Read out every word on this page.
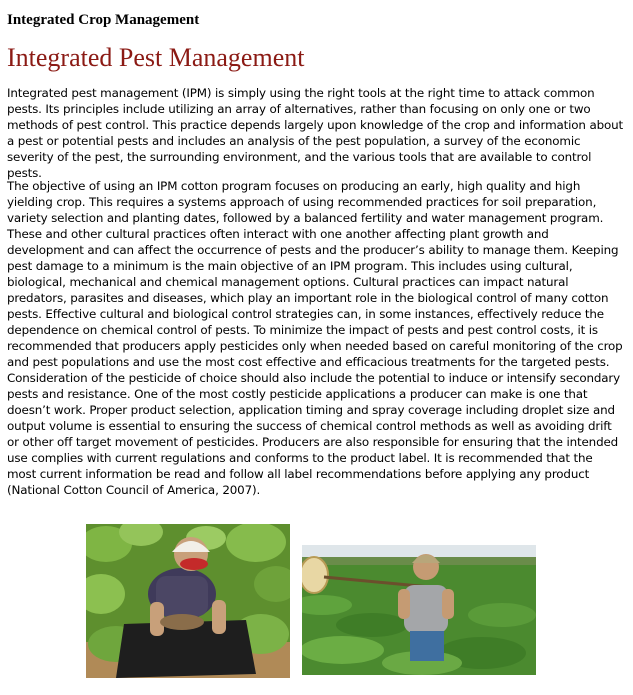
Integrated Crop Management
Integrated Pest Management

Integrated pest management (IPM) is simply using the right tools at the right time to attack common pests. Its principles include utilizing an array of alternatives, rather than focusing on only one or two methods of pest control. This practice depends largely upon knowledge of the crop and information about a pest or potential pests and includes an analysis of the pest population, a survey of the economic severity of the pest, the surrounding environment, and the various tools that are available to control pests.

The objective of using an IPM cotton program focuses on producing an early, high quality and high yielding crop. This requires a systems approach of using recommended practices for soil preparation, variety selection and planting dates, followed by a balanced fertility and water management program. These and other cultural practices often interact with one another affecting plant growth and development and can affect the occurrence of pests and the producer’s ability to manage them. Keeping pest damage to a minimum is the main objective of an IPM program. This includes using cultural, biological, mechanical and chemical management options. Cultural practices can impact natural predators, parasites and diseases, which play an important role in the biological control of many cotton pests. Effective cultural and biological control strategies can, in some instances, effectively reduce the dependence on chemical control of pests. To minimize the impact of pests and pest control costs, it is recommended that producers apply pesticides only when needed based on careful monitoring of the crop and pest populations and use the most cost effective and efficacious treatments for the targeted pests. Consideration of the pesticide of choice should also include the potential to induce or intensify secondary pests and resistance. One of the most costly pesticide applications a producer can make is one that doesn’t work. Proper product selection, application timing and spray coverage including droplet size and output volume is essential to ensuring the success of chemical control methods as well as avoiding drift or other off target movement of pesticides. Producers are also responsible for ensuring that the intended use complies with current regulations and conforms to the product label. It is recommended that the most current information be read and follow all label recommendations before applying any product (National Cotton Council of America, 2007).
